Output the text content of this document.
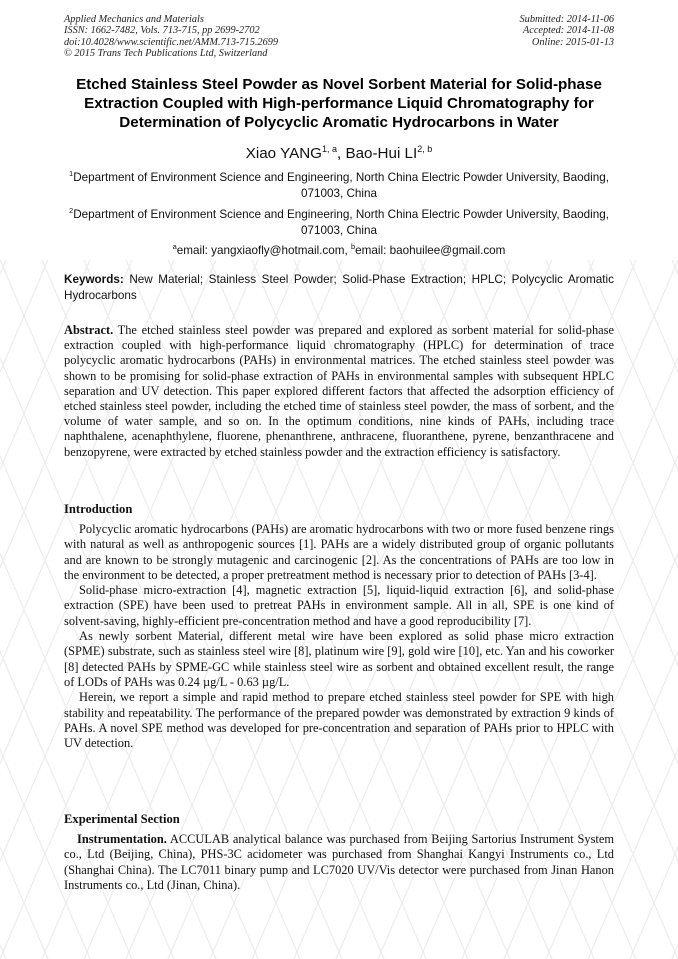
Applied Mechanics and Materials
ISSN: 1662-7482, Vols. 713-715, pp 2699-2702
doi:10.4028/www.scientific.net/AMM.713-715.2699
© 2015 Trans Tech Publications Ltd, Switzerland
Submitted: 2014-11-06
Accepted: 2014-11-08
Online: 2015-01-13
Etched Stainless Steel Powder as Novel Sorbent Material for Solid-phase Extraction Coupled with High-performance Liquid Chromatography for Determination of Polycyclic Aromatic Hydrocarbons in Water
Xiao YANG$^{1, a}$, Bao-Hui LI$^{2, b}$
$^1$Department of Environment Science and Engineering, North China Electric Powder University, Baoding, 071003, China
$^2$Department of Environment Science and Engineering, North China Electric Powder University, Baoding, 071003, China
$^a$email: yangxiaofly@hotmail.com, $^b$email: baohuilee@gmail.com
Keywords: New Material; Stainless Steel Powder; Solid-Phase Extraction; HPLC; Polycyclic Aromatic Hydrocarbons
Abstract. The etched stainless steel powder was prepared and explored as sorbent material for solid-phase extraction coupled with high-performance liquid chromatography (HPLC) for determination of trace polycyclic aromatic hydrocarbons (PAHs) in environmental matrices. The etched stainless steel powder was shown to be promising for solid-phase extraction of PAHs in environmental samples with subsequent HPLC separation and UV detection. This paper explored different factors that affected the adsorption efficiency of etched stainless steel powder, including the etched time of stainless steel powder, the mass of sorbent, and the volume of water sample, and so on. In the optimum conditions, nine kinds of PAHs, including trace naphthalene, acenaphthylene, fluorene, phenanthrene, anthracene, fluoranthene, pyrene, benzanthracene and benzopyrene, were extracted by etched stainless powder and the extraction efficiency is satisfactory.
Introduction

Polycyclic aromatic hydrocarbons (PAHs) are aromatic hydrocarbons with two or more fused benzene rings with natural as well as anthropogenic sources [1]. PAHs are a widely distributed group of organic pollutants and are known to be strongly mutagenic and carcinogenic [2]. As the concentrations of PAHs are too low in the environment to be detected, a proper pretreatment method is necessary prior to detection of PAHs [3-4].

Solid-phase micro-extraction [4], magnetic extraction [5], liquid-liquid extraction [6], and solid-phase extraction (SPE) have been used to pretreat PAHs in environment sample. All in all, SPE is one kind of solvent-saving, highly-efficient pre-concentration method and have a good reproducibility [7].

As newly sorbent Material, different metal wire have been explored as solid phase micro extraction (SPME) substrate, such as stainless steel wire [8], platinum wire [9], gold wire [10], etc. Yan and his coworker [8] detected PAHs by SPME-GC while stainless steel wire as sorbent and obtained excellent result, the range of LODs of PAHs was 0.24 µg/L - 0.63 µg/L.

Herein, we report a simple and rapid method to prepare etched stainless steel powder for SPE with high stability and repeatability. The performance of the prepared powder was demonstrated by extraction 9 kinds of PAHs. A novel SPE method was developed for pre-concentration and separation of PAHs prior to HPLC with UV detection.

Experimental Section

Instrumentation. ACCULAB analytical balance was purchased from Beijing Sartorius Instrument System co., Ltd (Beijing, China), PHS-3C acidometer was purchased from Shanghai Kangyi Instruments co., Ltd (Shanghai China). The LC7011 binary pump and LC7020 UV/Vis detector were purchased from Jinan Hanon Instruments co., Ltd (Jinan, China).
